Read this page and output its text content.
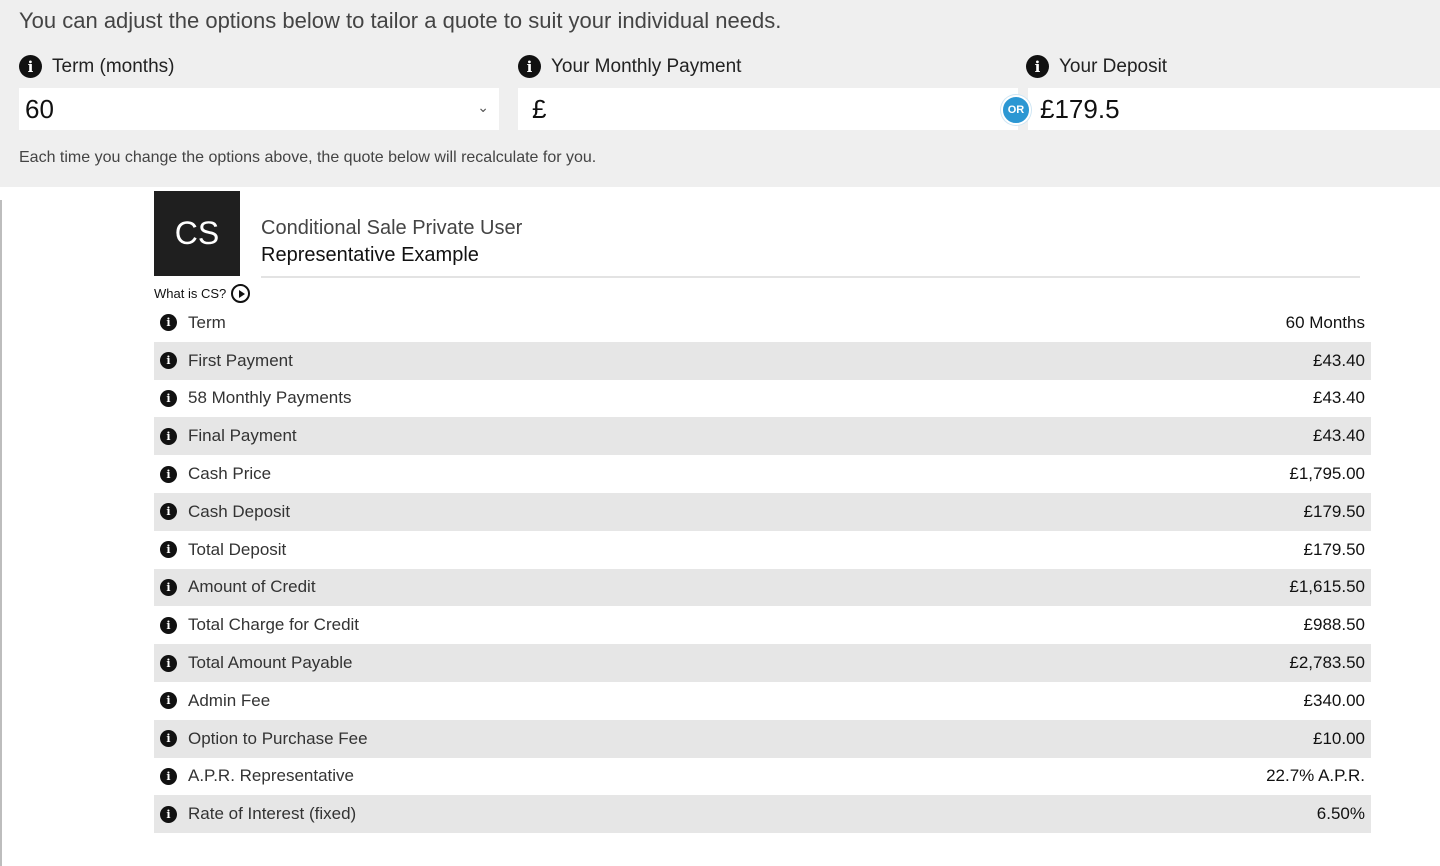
You can adjust the options below to tailor a quote to suit your individual needs.
i Term (months)	i Your Monthly Payment	i Your Deposit
60	⌄ £	£179.5
OR
Each time you change the options above, the quote below will recalculate for you.
CS	Conditional Sale Private User
Representative Example
What is CS?
i	Term	60 Months
i	First Payment	£43.40
i	58 Monthly Payments	£43.40
i	Final Payment	£43.40
i	Cash Price	£1,795.00
i	Cash Deposit	£179.50
i	Total Deposit	£179.50
i	Amount of Credit	£1,615.50
i	Total Charge for Credit	£988.50
i	Total Amount Payable	£2,783.50
i	Admin Fee	£340.00
i	Option to Purchase Fee	£10.00
i	A.P.R. Representative	22.7% A.P.R.
i	Rate of Interest (fixed)	6.50%
